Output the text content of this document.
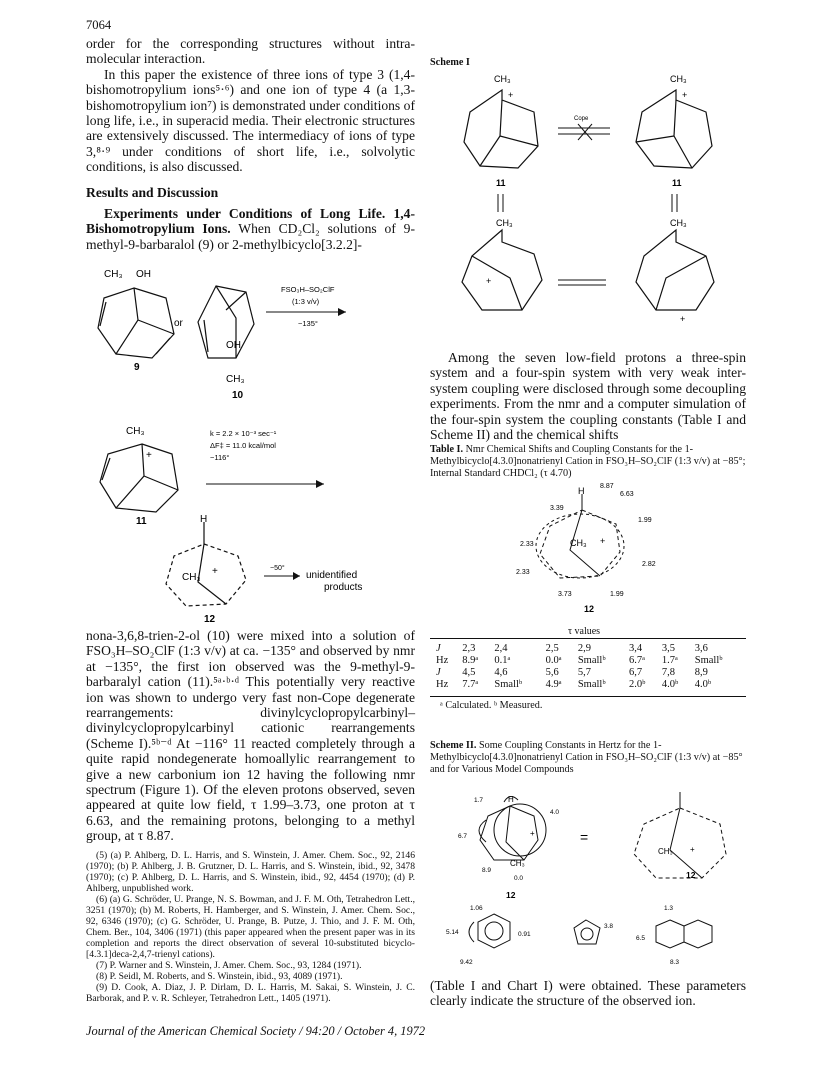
7064

order for the corresponding structures without intra-molecular interaction.

In this paper the existence of three ions of type 3 (1,4-bishomotropylium ions⁵·⁶) and one ion of type 4 (a 1,3-bishomotropylium ion⁷) is demonstrated under conditions of long life, i.e., in superacid media. Their electronic structures are extensively discussed. The intermediacy of ions of type 3,⁸·⁹ under conditions of short life, i.e., solvolytic conditions, is also discussed.

Results and Discussion

Experiments under Conditions of Long Life. 1,4-Bishomotropylium Ions. When CD₂Cl₂ solutions of 9-methyl-9-barbaralol (9) or 2-methylbicyclo[3.2.2]-

CH₃ OH
9
or
OH
CH₃
10
FSO₃H–SO₂ClF
(1:3 v/v)
−135°
CH₃
+
11
k = 2.2 × 10⁻³ sec⁻¹
ΔF‡ = 11.0 kcal/mol
−116°
H
CH₃
+
12
−50°
unidentified
products

nona-3,6,8-trien-2-ol (10) were mixed into a solution of FSO₃H–SO₂ClF (1:3 v/v) at ca. −135° and observed by nmr at −135°, the first ion observed was the 9-methyl-9-barbaralyl cation (11).⁵ᵃ·ᵇ·ᵈ This potentially very reactive ion was shown to undergo very fast non-Cope degenerate rearrangements: divinylcyclopropylcarbinyl–divinylcyclopropylcarbinyl cationic rearrangements (Scheme I).⁵ᵇ⁻ᵈ At −116° 11 reacted completely through a quite rapid nondegenerate homoallylic rearrangement to give a new carbonium ion 12 having the following nmr spectrum (Figure 1). Of the eleven protons observed, seven appeared at quite low field, τ 1.99–3.73, one proton at τ 6.63, and the remaining protons, belonging to a methyl group, at τ 8.87.

(5) (a) P. Ahlberg, D. L. Harris, and S. Winstein, J. Amer. Chem. Soc., 92, 2146 (1970); (b) P. Ahlberg, J. B. Grutzner, D. L. Harris, and S. Winstein, ibid., 92, 3478 (1970); (c) P. Ahlberg, D. L. Harris, and S. Winstein, ibid., 92, 4454 (1970); (d) P. Ahlberg, unpublished work.

(6) (a) G. Schröder, U. Prange, N. S. Bowman, and J. F. M. Oth, Tetrahedron Lett., 3251 (1970); (b) M. Roberts, H. Hamberger, and S. Winstein, J. Amer. Chem. Soc., 92, 6346 (1970); (c) G. Schröder, U. Prange, B. Putze, J. Thio, and J. F. M. Oth, Chem. Ber., 104, 3406 (1971) (this paper appeared when the present paper was in its completion and reports the direct observation of several 10-substituted bicyclo-[4.3.1]deca-2,4,7-trienyl cations).

(7) P. Warner and S. Winstein, J. Amer. Chem. Soc., 93, 1284 (1971).

(8) P. Seidl, M. Roberts, and S. Winstein, ibid., 93, 4089 (1971).

(9) D. Cook, A. Diaz, J. P. Dirlam, D. L. Harris, M. Sakai, S. Winstein, J. C. Barborak, and P. v. R. Schleyer, Tetrahedron Lett., 1405 (1971).

Journal of the American Chemical Society / 94:20 / October 4, 1972
Scheme I
CH₃
+
11
Cope
CH₃
+
11
CH₃
+
CH₃
+

Among the seven low-field protons a three-spin system and a four-spin system with very weak inter-system coupling were disclosed through some decoupling experiments. From the nmr and a computer simulation of the four-spin system the coupling constants (Table I and Scheme II) and the chemical shifts

Table I. Nmr Chemical Shifts and Coupling Constants for the 1-Methylbicyclo[4.3.0]nonatrienyl Cation in FSO₃H–SO₂ClF (1:3 v/v) at −85°; Internal Standard CHDCl₂ (τ 4.70)
8.87
6.63
H
3.39
1.99
2.33	CH₃ +
2.82
2.33
3.73	1.99
12
τ values
J	2,3	2,4	2,5	2,9	3,4	3,5	3,6
Hz	8.9ᵃ	0.1ᵃ	0.0ᵃ	Smallᵇ	6.7ᵃ	1.7ᵃ	Smallᵇ
J	4,5	4,6	5,6	5,7	6,7	7,8	8,9
Hz	7.7ᵃ	Smallᵇ	4.9ᵃ	Smallᵇ	2.0ᵇ	4.0ᵇ	4.0ᵇ
ᵃ Calculated. ᵇ Measured.
Scheme II. Some Coupling Constants in Hertz for the 1-Methylbicyclo[4.3.0]nonatrienyl Cation in FSO₃H–SO₂ClF (1:3 v/v) at −85° and for Various Model Compounds
1.7
4.0
6.7
8.9
0.0
H
CH₃
+
12
=
CH₃ +
12
1.06
5.14	0.91
9.42
3.8
1.3
6.5
8.3

(Table I and Chart I) were obtained. These parameters clearly indicate the structure of the observed ion.
